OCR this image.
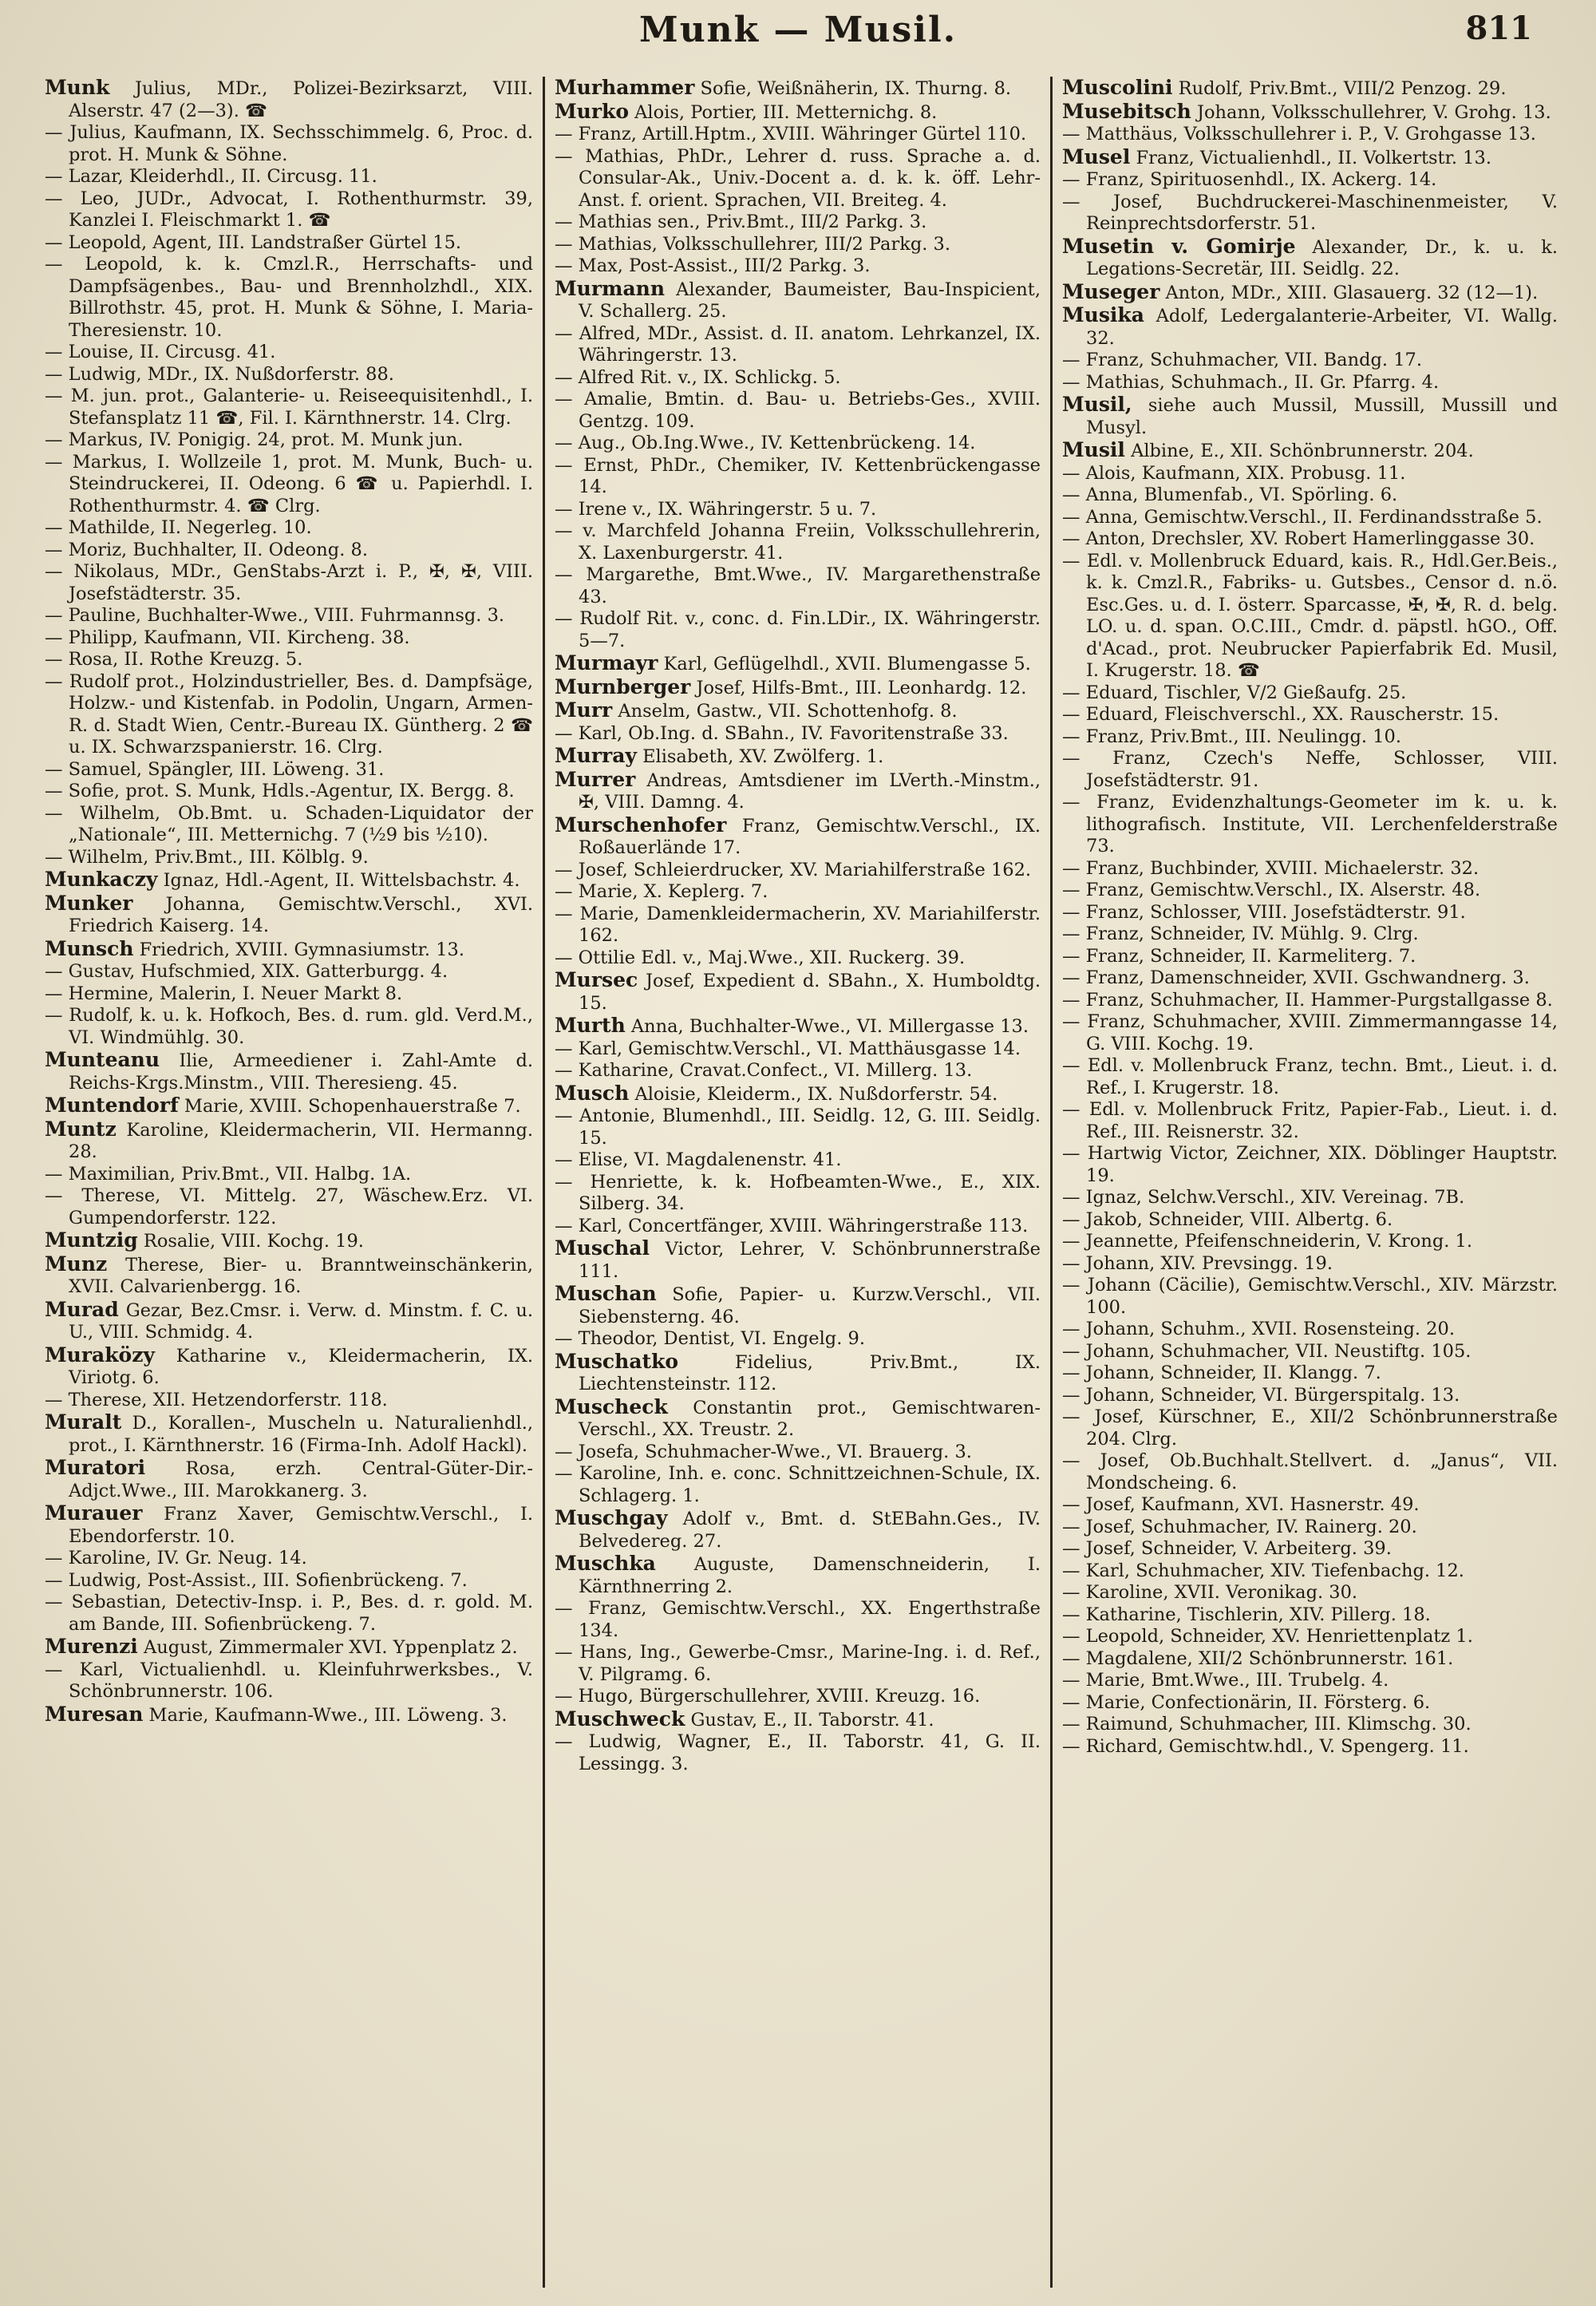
Munk — Musil.	811
Munk Julius, MDr., Polizei-Bezirksarzt, VIII. Alserstr. 47 (2—3). ☎
— Julius, Kaufmann, IX. Sechsschimmelg. 6, Proc. d. prot. H. Munk & Söhne.
— Lazar, Kleiderhdl., II. Circusg. 11.
— Leo, JUDr., Advocat, I. Rothenthurmstr. 39, Kanzlei I. Fleischmarkt 1. ☎
— Leopold, Agent, III. Landstraßer Gürtel 15.
— Leopold, k. k. Cmzl.R., Herrschafts- und Dampfsägenbes., Bau- und Brennholzhdl., XIX. Billrothstr. 45, prot. H. Munk & Söhne, I. Maria-Theresienstr. 10.
— Louise, II. Circusg. 41.
— Ludwig, MDr., IX. Nußdorferstr. 88.
— M. jun. prot., Galanterie- u. Reiseequisitenhdl., I. Stefansplatz 11 ☎, Fil. I. Kärnthnerstr. 14. Clrg.
— Markus, IV. Ponigig. 24, prot. M. Munk jun.
— Markus, I. Wollzeile 1, prot. M. Munk, Buch- u. Steindruckerei, II. Odeong. 6 ☎ u. Papierhdl. I. Rothenthurmstr. 4. ☎ Clrg.
— Mathilde, II. Negerleg. 10.
— Moriz, Buchhalter, II. Odeong. 8.
— Nikolaus, MDr., GenStabs-Arzt i. P., ✠, ✠, VIII. Josefstädterstr. 35.
— Pauline, Buchhalter-Wwe., VIII. Fuhrmannsg. 3.
— Philipp, Kaufmann, VII. Kircheng. 38.
— Rosa, II. Rothe Kreuzg. 5.
— Rudolf prot., Holzindustrieller, Bes. d. Dampfsäge, Holzw.- und Kistenfab. in Podolin, Ungarn, Armen-R. d. Stadt Wien, Centr.-Bureau IX. Güntherg. 2 ☎ u. IX. Schwarzspanierstr. 16. Clrg.
— Samuel, Spängler, III. Löweng. 31.
— Sofie, prot. S. Munk, Hdls.-Agentur, IX. Bergg. 8.
— Wilhelm, Ob.Bmt. u. Schaden-Liquidator der „Nationale“, III. Metternichg. 7 (½9 bis ½10).
— Wilhelm, Priv.Bmt., III. Kölblg. 9.
Munkaczy Ignaz, Hdl.-Agent, II. Wittelsbachstr. 4.
Munker Johanna, Gemischtw.Verschl., XVI. Friedrich Kaiserg. 14.
Munsch Friedrich, XVIII. Gymnasiumstr. 13.
— Gustav, Hufschmied, XIX. Gatterburgg. 4.
— Hermine, Malerin, I. Neuer Markt 8.
— Rudolf, k. u. k. Hofkoch, Bes. d. rum. gld. Verd.M., VI. Windmühlg. 30.
Munteanu Ilie, Armeediener i. Zahl-Amte d. Reichs-Krgs.Minstm., VIII. Theresieng. 45.
Muntendorf Marie, XVIII. Schopenhauerstraße 7.
Muntz Karoline, Kleidermacherin, VII. Hermanng. 28.
— Maximilian, Priv.Bmt., VII. Halbg. 1A.
— Therese, VI. Mittelg. 27, Wäschew.Erz. VI. Gumpendorferstr. 122.
Muntzig Rosalie, VIII. Kochg. 19.
Munz Therese, Bier- u. Branntweinschänkerin, XVII. Calvarienbergg. 16.
Murad Gezar, Bez.Cmsr. i. Verw. d. Minstm. f. C. u. U., VIII. Schmidg. 4.
Muraközy Katharine v., Kleidermacherin, IX. Viriotg. 6.
— Therese, XII. Hetzendorferstr. 118.
Muralt D., Korallen-, Muscheln u. Naturalienhdl., prot., I. Kärnthnerstr. 16 (Firma-Inh. Adolf Hackl).
Muratori Rosa, erzh. Central-Güter-Dir.-Adjct.Wwe., III. Marokkanerg. 3.
Murauer Franz Xaver, Gemischtw.Verschl., I. Ebendorferstr. 10.
— Karoline, IV. Gr. Neug. 14.
— Ludwig, Post-Assist., III. Sofienbrückeng. 7.
— Sebastian, Detectiv-Insp. i. P., Bes. d. r. gold. M. am Bande, III. Sofienbrückeng. 7.
Murenzi August, Zimmermaler XVI. Yppenplatz 2.
— Karl, Victualienhdl. u. Kleinfuhrwerksbes., V. Schönbrunnerstr. 106.
Muresan Marie, Kaufmann-Wwe., III. Löweng. 3.
Murhammer Sofie, Weißnäherin, IX. Thurng. 8.
Murko Alois, Portier, III. Metternichg. 8.
— Franz, Artill.Hptm., XVIII. Währinger Gürtel 110.
— Mathias, PhDr., Lehrer d. russ. Sprache a. d. Consular-Ak., Univ.-Docent a. d. k. k. öff. Lehr-Anst. f. orient. Sprachen, VII. Breiteg. 4.
— Mathias sen., Priv.Bmt., III/2 Parkg. 3.
— Mathias, Volksschullehrer, III/2 Parkg. 3.
— Max, Post-Assist., III/2 Parkg. 3.
Murmann Alexander, Baumeister, Bau-Inspicient, V. Schallerg. 25.
— Alfred, MDr., Assist. d. II. anatom. Lehrkanzel, IX. Währingerstr. 13.
— Alfred Rit. v., IX. Schlickg. 5.
— Amalie, Bmtin. d. Bau- u. Betriebs-Ges., XVIII. Gentzg. 109.
— Aug., Ob.Ing.Wwe., IV. Kettenbrückeng. 14.
— Ernst, PhDr., Chemiker, IV. Kettenbrückengasse 14.
— Irene v., IX. Währingerstr. 5 u. 7.
— v. Marchfeld Johanna Freiin, Volksschullehrerin, X. Laxenburgerstr. 41.
— Margarethe, Bmt.Wwe., IV. Margarethenstraße 43.
— Rudolf Rit. v., conc. d. Fin.LDir., IX. Währingerstr. 5—7.
Murmayr Karl, Geflügelhdl., XVII. Blumengasse 5.
Murnberger Josef, Hilfs-Bmt., III. Leonhardg. 12.
Murr Anselm, Gastw., VII. Schottenhofg. 8.
— Karl, Ob.Ing. d. SBahn., IV. Favoritenstraße 33.
Murray Elisabeth, XV. Zwölferg. 1.
Murrer Andreas, Amtsdiener im LVerth.-Minstm., ✠, VIII. Damng. 4.
Murschenhofer Franz, Gemischtw.Verschl., IX. Roßauerlände 17.
— Josef, Schleierdrucker, XV. Mariahilferstraße 162.
— Marie, X. Keplerg. 7.
— Marie, Damenkleidermacherin, XV. Mariahilferstr. 162.
— Ottilie Edl. v., Maj.Wwe., XII. Ruckerg. 39.
Mursec Josef, Expedient d. SBahn., X. Humboldtg. 15.
Murth Anna, Buchhalter-Wwe., VI. Millergasse 13.
— Karl, Gemischtw.Verschl., VI. Matthäusgasse 14.
— Katharine, Cravat.Confect., VI. Millerg. 13.
Musch Aloisie, Kleiderm., IX. Nußdorferstr. 54.
— Antonie, Blumenhdl., III. Seidlg. 12, G. III. Seidlg. 15.
— Elise, VI. Magdalenenstr. 41.
— Henriette, k. k. Hofbeamten-Wwe., E., XIX. Silberg. 34.
— Karl, Concertfänger, XVIII. Währingerstraße 113.
Muschal Victor, Lehrer, V. Schönbrunnerstraße 111.
Muschan Sofie, Papier- u. Kurzw.Verschl., VII. Siebensterng. 46.
— Theodor, Dentist, VI. Engelg. 9.
Muschatko Fidelius, Priv.Bmt., IX. Liechtensteinstr. 112.
Muscheck Constantin prot., Gemischtwaren-Verschl., XX. Treustr. 2.
— Josefa, Schuhmacher-Wwe., VI. Brauerg. 3.
— Karoline, Inh. e. conc. Schnittzeichnen-Schule, IX. Schlagerg. 1.
Muschgay Adolf v., Bmt. d. StEBahn.Ges., IV. Belvedereg. 27.
Muschka Auguste, Damenschneiderin, I. Kärnthnerring 2.
— Franz, Gemischtw.Verschl., XX. Engerthstraße 134.
— Hans, Ing., Gewerbe-Cmsr., Marine-Ing. i. d. Ref., V. Pilgramg. 6.
— Hugo, Bürgerschullehrer, XVIII. Kreuzg. 16.
Muschweck Gustav, E., II. Taborstr. 41.
— Ludwig, Wagner, E., II. Taborstr. 41, G. II. Lessingg. 3.
Muscolini Rudolf, Priv.Bmt., VIII/2 Penzog. 29.
Musebitsch Johann, Volksschullehrer, V. Grohg. 13.
— Matthäus, Volksschullehrer i. P., V. Grohgasse 13.
Musel Franz, Victualienhdl., II. Volkertstr. 13.
— Franz, Spirituosenhdl., IX. Ackerg. 14.
— Josef, Buchdruckerei-Maschinenmeister, V. Reinprechtsdorferstr. 51.
Musetin v. Gomirje Alexander, Dr., k. u. k. Legations-Secretär, III. Seidlg. 22.
Museger Anton, MDr., XIII. Glasauerg. 32 (12—1).
Musika Adolf, Ledergalanterie-Arbeiter, VI. Wallg. 32.
— Franz, Schuhmacher, VII. Bandg. 17.
— Mathias, Schuhmach., II. Gr. Pfarrg. 4.
Musil, siehe auch Mussil, Mussill, Mussill und Musyl.
Musil Albine, E., XII. Schönbrunnerstr. 204.
— Alois, Kaufmann, XIX. Probusg. 11.
— Anna, Blumenfab., VI. Spörling. 6.
— Anna, Gemischtw.Verschl., II. Ferdinandsstraße 5.
— Anton, Drechsler, XV. Robert Hamerlinggasse 30.
— Edl. v. Mollenbruck Eduard, kais. R., Hdl.Ger.Beis., k. k. Cmzl.R., Fabriks- u. Gutsbes., Censor d. n.ö. Esc.Ges. u. d. I. österr. Sparcasse, ✠, ✠, R. d. belg. LO. u. d. span. O.C.III., Cmdr. d. päpstl. hGO., Off. d'Acad., prot. Neubrucker Papierfabrik Ed. Musil, I. Krugerstr. 18. ☎
— Eduard, Tischler, V/2 Gießaufg. 25.
— Eduard, Fleischverschl., XX. Rauscherstr. 15.
— Franz, Priv.Bmt., III. Neulingg. 10.
— Franz, Czech's Neffe, Schlosser, VIII. Josefstädterstr. 91.
— Franz, Evidenzhaltungs-Geometer im k. u. k. lithografisch. Institute, VII. Lerchenfelderstraße 73.
— Franz, Buchbinder, XVIII. Michaelerstr. 32.
— Franz, Gemischtw.Verschl., IX. Alserstr. 48.
— Franz, Schlosser, VIII. Josefstädterstr. 91.
— Franz, Schneider, IV. Mühlg. 9. Clrg.
— Franz, Schneider, II. Karmeliterg. 7.
— Franz, Damenschneider, XVII. Gschwandnerg. 3.
— Franz, Schuhmacher, II. Hammer-Purgstallgasse 8.
— Franz, Schuhmacher, XVIII. Zimmermanngasse 14, G. VIII. Kochg. 19.
— Edl. v. Mollenbruck Franz, techn. Bmt., Lieut. i. d. Ref., I. Krugerstr. 18.
— Edl. v. Mollenbruck Fritz, Papier-Fab., Lieut. i. d. Ref., III. Reisnerstr. 32.
— Hartwig Victor, Zeichner, XIX. Döblinger Hauptstr. 19.
— Ignaz, Selchw.Verschl., XIV. Vereinag. 7B.
— Jakob, Schneider, VIII. Albertg. 6.
— Jeannette, Pfeifenschneiderin, V. Krong. 1.
— Johann, XIV. Prevsingg. 19.
— Johann (Cäcilie), Gemischtw.Verschl., XIV. Märzstr. 100.
— Johann, Schuhm., XVII. Rosensteing. 20.
— Johann, Schuhmacher, VII. Neustiftg. 105.
— Johann, Schneider, II. Klangg. 7.
— Johann, Schneider, VI. Bürgerspitalg. 13.
— Josef, Kürschner, E., XII/2 Schönbrunnerstraße 204. Clrg.
— Josef, Ob.Buchhalt.Stellvert. d. „Janus“, VII. Mondscheing. 6.
— Josef, Kaufmann, XVI. Hasnerstr. 49.
— Josef, Schuhmacher, IV. Rainerg. 20.
— Josef, Schneider, V. Arbeiterg. 39.
— Karl, Schuhmacher, XIV. Tiefenbachg. 12.
— Karoline, XVII. Veronikag. 30.
— Katharine, Tischlerin, XIV. Pillerg. 18.
— Leopold, Schneider, XV. Henriettenplatz 1.
— Magdalene, XII/2 Schönbrunnerstr. 161.
— Marie, Bmt.Wwe., III. Trubelg. 4.
— Marie, Confectionärin, II. Försterg. 6.
— Raimund, Schuhmacher, III. Klimschg. 30.
— Richard, Gemischtw.hdl., V. Spengerg. 11.
